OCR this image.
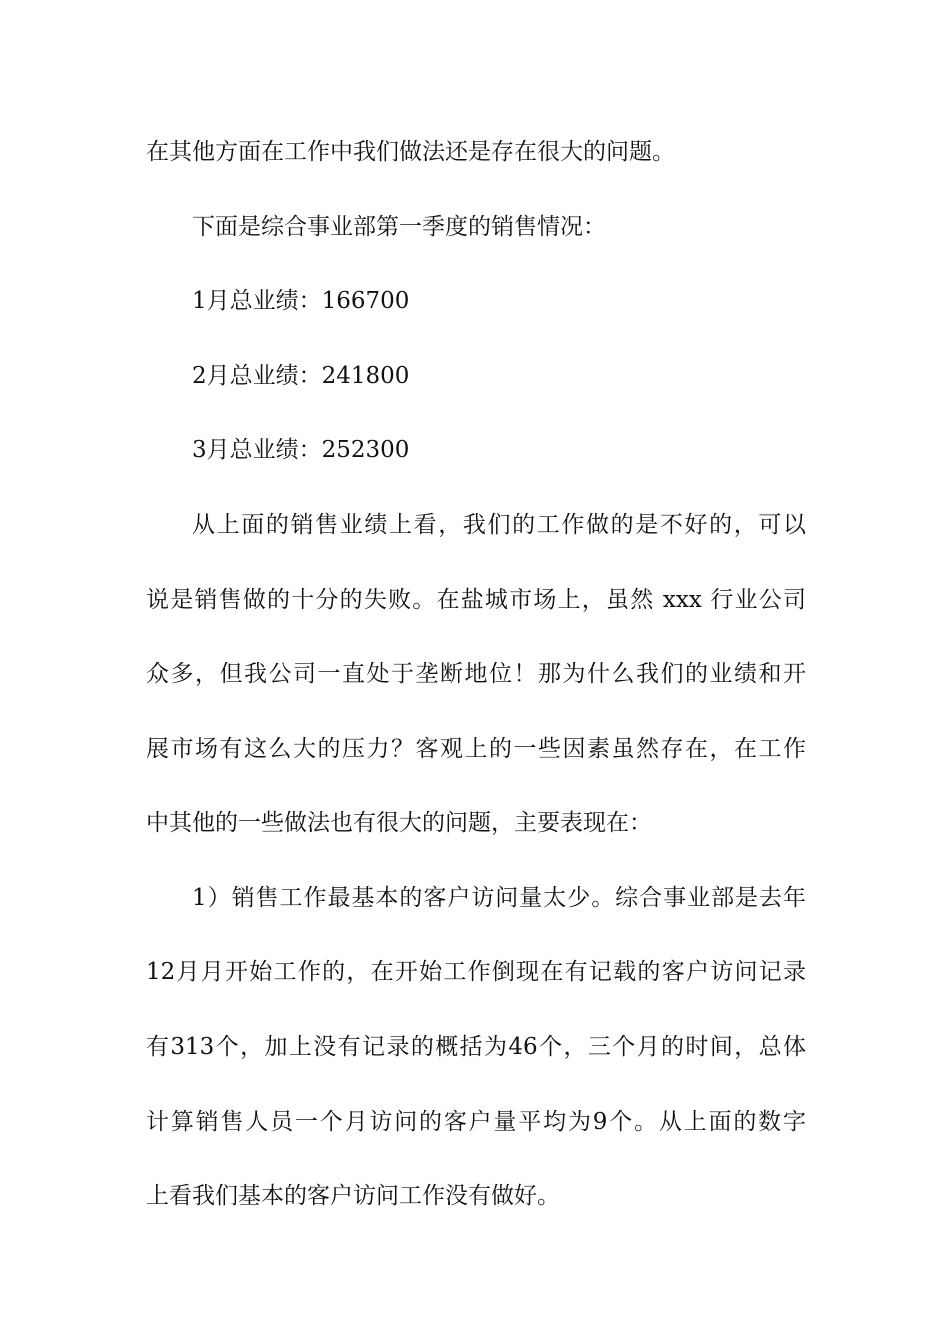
在其他方面在工作中我们做法还是存在很大的问题。
下面是综合事业部第一季度的销售情况：
1月总业绩：166700
2月总业绩：241800
3月总业绩：252300
从上面的销售业绩上看，我们的工作做的是不好的，可以
说是销售做的十分的失败。在盐城市场上，虽然 xxx 行业公司
众多，但我公司一直处于垄断地位！那为什么我们的业绩和开
展市场有这么大的压力？客观上的一些因素虽然存在，在工作
中其他的一些做法也有很大的问题，主要表现在：
1）销售工作最基本的客户访问量太少。综合事业部是去年
12月月开始工作的，在开始工作倒现在有记载的客户访问记录
有313个，加上没有记录的概括为46个，三个月的时间，总体
计算销售人员一个月访问的客户量平均为9个。从上面的数字
上看我们基本的客户访问工作没有做好。
